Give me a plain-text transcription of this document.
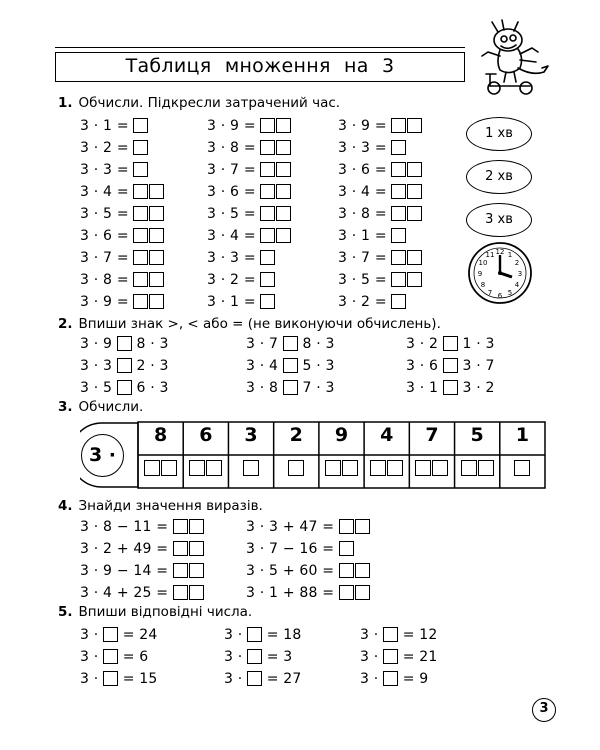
Таблиця множення на 3
1. Обчисли. Підкресли затрачений час.
3 · 1 =
3 · 2 =
3 · 3 =
3 · 4 =
3 · 5 =
3 · 6 =
3 · 7 =
3 · 8 =
3 · 9 =
3 · 9 =
3 · 8 =
3 · 7 =
3 · 6 =
3 · 5 =
3 · 4 =
3 · 3 =
3 · 2 =
3 · 1 =
3 · 9 =
3 · 3 =
3 · 6 =
3 · 4 =
3 · 8 =
3 · 1 =
3 · 7 =
3 · 5 =
3 · 2 =
1 хв
2 хв
3 хв
12
3
6
9
1
2
4
5
7
8
10
11
2. Впиши знак >, < або = (не виконуючи обчислень).
3 · 9  8 · 3	3 · 7  8 · 3	3 · 2  1 · 3
3 · 3  2 · 3	3 · 4  5 · 3	3 · 6  3 · 7
3 · 5  6 · 3	3 · 8  7 · 3	3 · 1  3 · 2
3. Обчисли.
3 ·
8	6	3	2	9	4	7	5	1
4. Знайди значення виразів.
3 · 8 − 11 =
3 · 2 + 49 =
3 · 9 − 14 =
3 · 4 + 25 =
3 · 3 + 47 =
3 · 7 − 16 =
3 · 5 + 60 =
3 · 1 + 88 =
5. Впиши відповідні числа.
3 ·  = 24	3 ·  = 18	3 ·  = 12
3 ·  = 6	3 ·  = 3	3 ·  = 21
3 ·  = 15	3 ·  = 27	3 ·  = 9
3
